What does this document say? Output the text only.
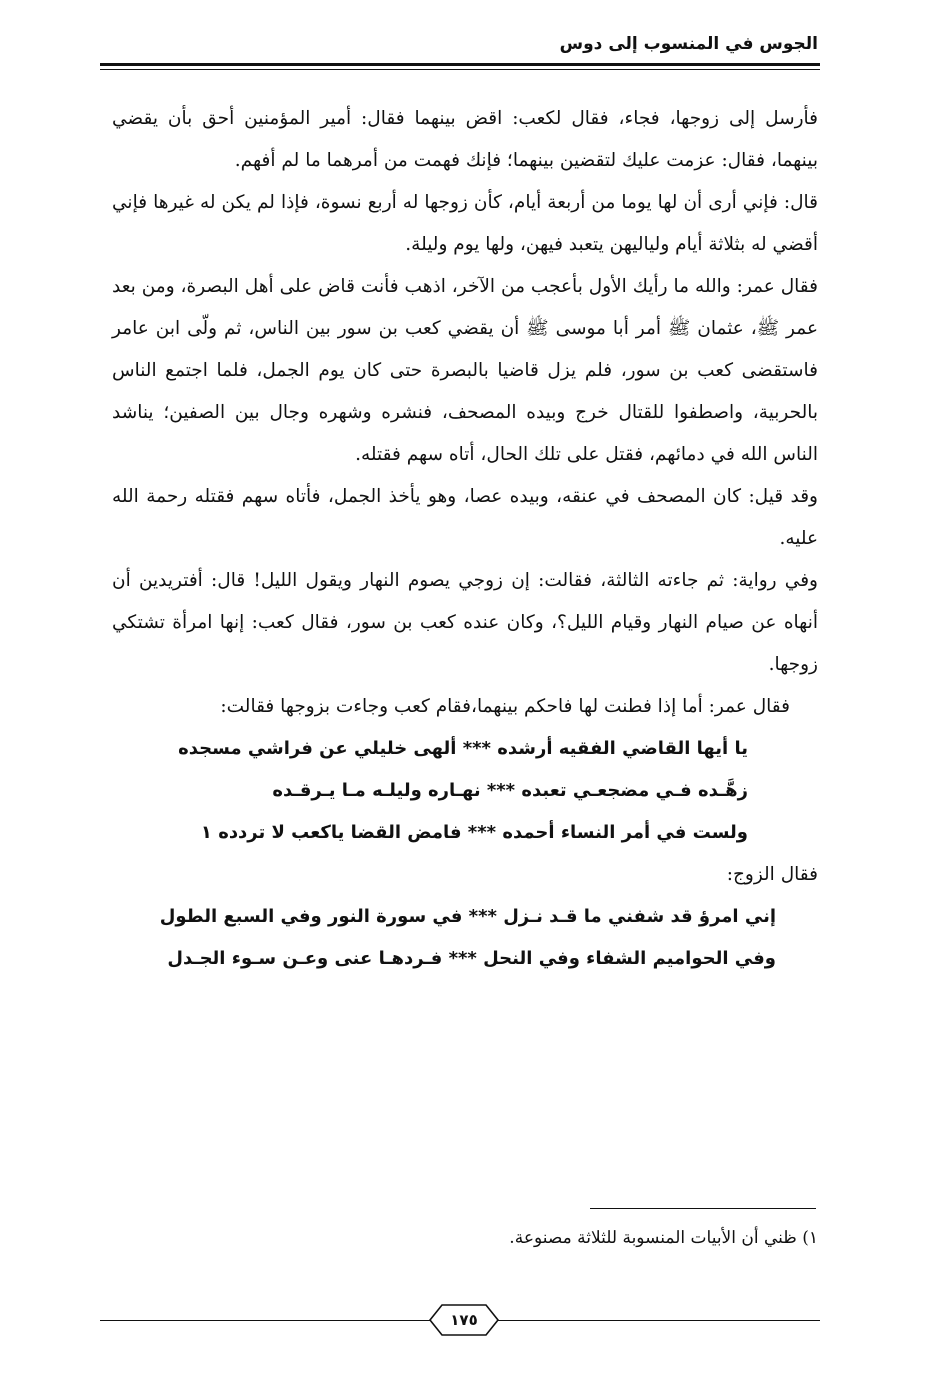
الجوس في المنسوب إلى دوس

فأرسل إلى زوجها، فجاء، فقال لكعب: اقض بينهما فقال: أمير المؤمنين أحق بأن يقضي بينهما، فقال: عزمت عليك لتقضين بينهما؛ فإنك فهمت من أمرهما ما لم أفهم.

قال: فإني أرى أن لها يوما من أربعة أيام، كأن زوجها له أربع نسوة، فإذا لم يكن له غيرها فإني أقضي له بثلاثة أيام ولياليهن يتعبد فيهن، ولها يوم وليلة.

فقال عمر: والله ما رأيك الأول بأعجب من الآخر، اذهب فأنت قاض على أهل البصرة، ومن بعد عمر ﷺ، عثمان ﷺ أمر أبا موسى ﷺ أن يقضي كعب بن سور بين الناس، ثم ولّى ابن عامر فاستقضى كعب بن سور، فلم يزل قاضيا بالبصرة حتى كان يوم الجمل، فلما اجتمع الناس بالحربية، واصطفوا للقتال خرج وبيده المصحف، فنشره وشهره وجال بين الصفين؛ يناشد الناس الله في دمائهم، فقتل على تلك الحال، أتاه سهم فقتله.

وقد قيل: كان المصحف في عنقه، وبيده عصا، وهو يأخذ الجمل، فأتاه سهم فقتله رحمة الله عليه.

وفي رواية: ثم جاءته الثالثة، فقالت: إن زوجي يصوم النهار ويقول الليل! قال: أفتريدين أن أنهاه عن صيام النهار وقيام الليل؟، وكان عنده كعب بن سور، فقال كعب: إنها امرأة تشتكي زوجها.

فقال عمر: أما إذا فطنت لها فاحكم بينهما،فقام كعب وجاءت بزوجها فقالت:

يا أيها القاضي الفقيه أرشده *** ألهى خليلي عن فراشي مسجده
زهَّـده فـي مضجعـي تعبده *** نهـاره وليلـه مـا يـرقـده
ولست في أمر النساء أحمده *** فامض القضا ياكعب لا تردده ١

فقال الزوج:

إني امرؤ قد شفني ما قـد نـزل *** في سورة النور وفي السبع الطول
وفي الحواميم الشفاء وفي النحل *** فـردهـا عنى وعـن سـوء الجـدل
١) ظني أن الأبيات المنسوبة للثلاثة مصنوعة.
١٧٥
